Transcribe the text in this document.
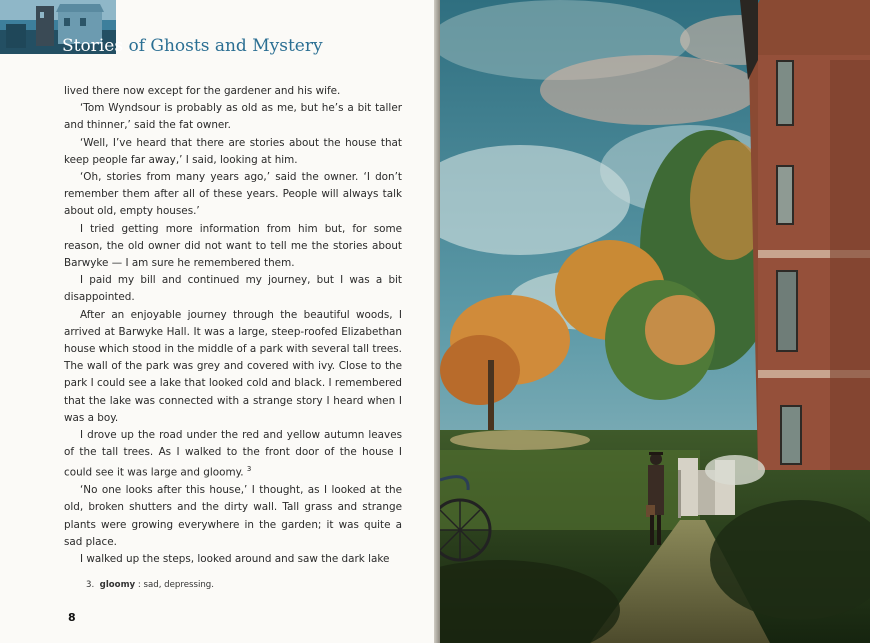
Stories of Ghosts and Mystery

lived there now except for the gardener and his wife.

‘Tom Wyndsour is probably as old as me, but he’s a bit taller and thinner,’ said the fat owner.

‘Well, I’ve heard that there are stories about the house that keep people far away,’ I said, looking at him.

‘Oh, stories from many years ago,’ said the owner. ‘I don’t remember them after all of these years. People will always talk about old, empty houses.’

I tried getting more information from him but, for some reason, the old owner did not want to tell me the stories about Barwyke — I am sure he remembered them.

I paid my bill and continued my journey, but I was a bit disappointed.

After an enjoyable journey through the beautiful woods, I arrived at Barwyke Hall. It was a large, steep-roofed Elizabethan house which stood in the middle of a park with several tall trees. The wall of the park was grey and covered with ivy. Close to the park I could see a lake that looked cold and black. I remembered that the lake was connected with a strange story I heard when I was a boy.

I drove up the road under the red and yellow autumn leaves of the tall trees. As I walked to the front door of the house I could see it was large and gloomy. $^3$

‘No one looks after this house,’ I thought, as I looked at the old, broken shutters and the dirty wall. Tall grass and strange plants were growing everywhere in the garden; it was quite a sad place.

I walked up the steps, looked around and saw the dark lake

3. gloomy : sad, depressing.
8
